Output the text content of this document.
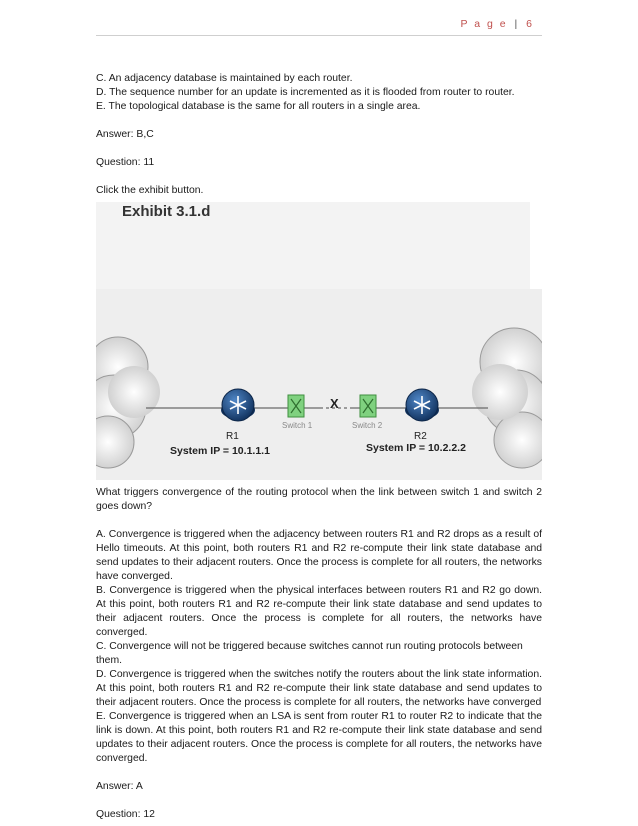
P a g e | 6

C. An adjacency database is maintained by each router.

D. The sequence number for an update is incremented as it is flooded from router to router.

E. The topological database is the same for all routers in a single area.

Answer: B,C

Question: 11

Click the exhibit button.

Exhibit 3.1.d
X
Switch 1	Switch 2
R1	R2
System IP = 10.1.1.1	System IP = 10.2.2.2

What triggers convergence of the routing protocol when the link between switch 1 and switch 2 goes down?

A. Convergence is triggered when the adjacency between routers R1 and R2 drops as a result of Hello timeouts. At this point, both routers R1 and R2 re-compute their link state database and send updates to their adjacent routers. Once the process is complete for all routers, the networks have converged.

B. Convergence is triggered when the physical interfaces between routers R1 and R2 go down. At this point, both routers R1 and R2 re-compute their link state database and send updates to their adjacent routers. Once the process is complete for all routers, the networks have converged.

C. Convergence will not be triggered because switches cannot run routing protocols between them.

D. Convergence is triggered when the switches notify the routers about the link state information. At this point, both routers R1 and R2 re-compute their link state database and send updates to their adjacent routers. Once the process is complete for all routers, the networks have converged

E. Convergence is triggered when an LSA is sent from router R1 to router R2 to indicate that the link is down. At this point, both routers R1 and R2 re-compute their link state database and send updates to their adjacent routers. Once the process is complete for all routers, the networks have converged.

Answer: A

Question: 12
